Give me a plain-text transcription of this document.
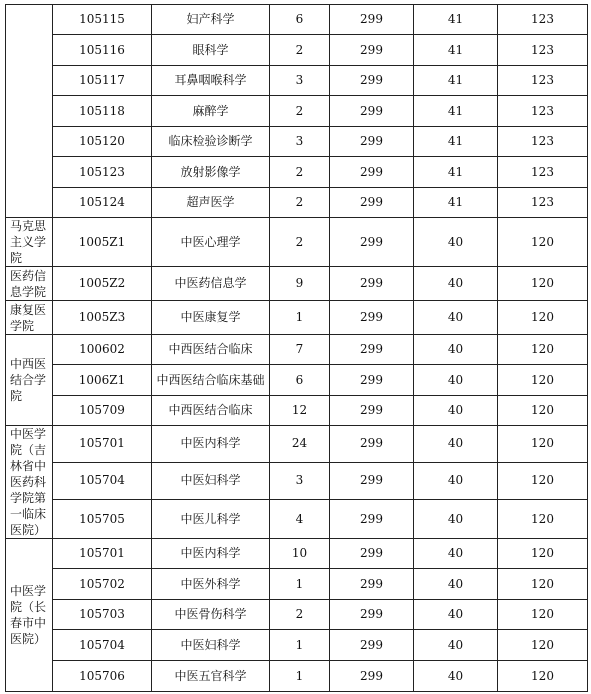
	105115	妇产科学	6	299	41	123
	105116	眼科学	2	299	41	123
	105117	耳鼻咽喉科学	3	299	41	123
	105118	麻醉学	2	299	41	123
	105120	临床检验诊断学	3	299	41	123
	105123	放射影像学	2	299	41	123
	105124	超声医学	2	299	41	123
马克思主义学院	1005Z1	中医心理学	2	299	40	120
医药信息学院	1005Z2	中医药信息学	9	299	40	120
康复医学院	1005Z3	中医康复学	1	299	40	120
中西医结合学院	100602	中西医结合临床	7	299	40	120
	1006Z1	中西医结合临床基础	6	299	40	120
	105709	中西医结合临床	12	299	40	120
中医学院（吉林省中医药科学院第一临床医院）	105701	中医内科学	24	299	40	120
	105704	中医妇科学	3	299	40	120
	105705	中医儿科学	4	299	40	120
中医学院（长春市中医院）	105701	中医内科学	10	299	40	120
	105702	中医外科学	1	299	40	120
	105703	中医骨伤科学	2	299	40	120
	105704	中医妇科学	1	299	40	120
	105706	中医五官科学	1	299	40	120
